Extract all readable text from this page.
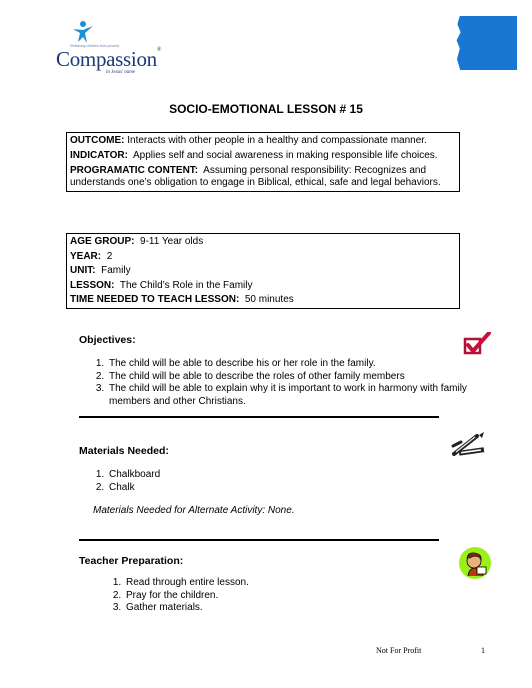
Releasing children from poverty
Compassion®
in Jesus' name
SOCIO-EMOTIONAL LESSON # 15

OUTCOME: Interacts with other people in a healthy and compassionate manner.

INDICATOR: Applies self and social awareness in making responsible life choices.

PROGRAMATIC CONTENT: Assuming personal responsibility: Recognizes and understands one’s obligation to engage in Biblical, ethical, safe and legal behaviors.

AGE GROUP: 9-11 Year olds

YEAR: 2

UNIT: Family

LESSON: The Child’s Role in the Family

TIME NEEDED TO TEACH LESSON: 50 minutes

Objectives:
1. The child will be able to describe his or her role in the family.
2. The child will be able to describe the roles of other family members
3. The child will be able to explain why it is important to work in harmony with family members and other Christians.
Materials Needed:
1. Chalkboard
2. Chalk
Materials Needed for Alternate Activity: None.
Teacher Preparation:
1. Read through entire lesson.
2. Pray for the children.
3. Gather materials.
Not For Profit	1
